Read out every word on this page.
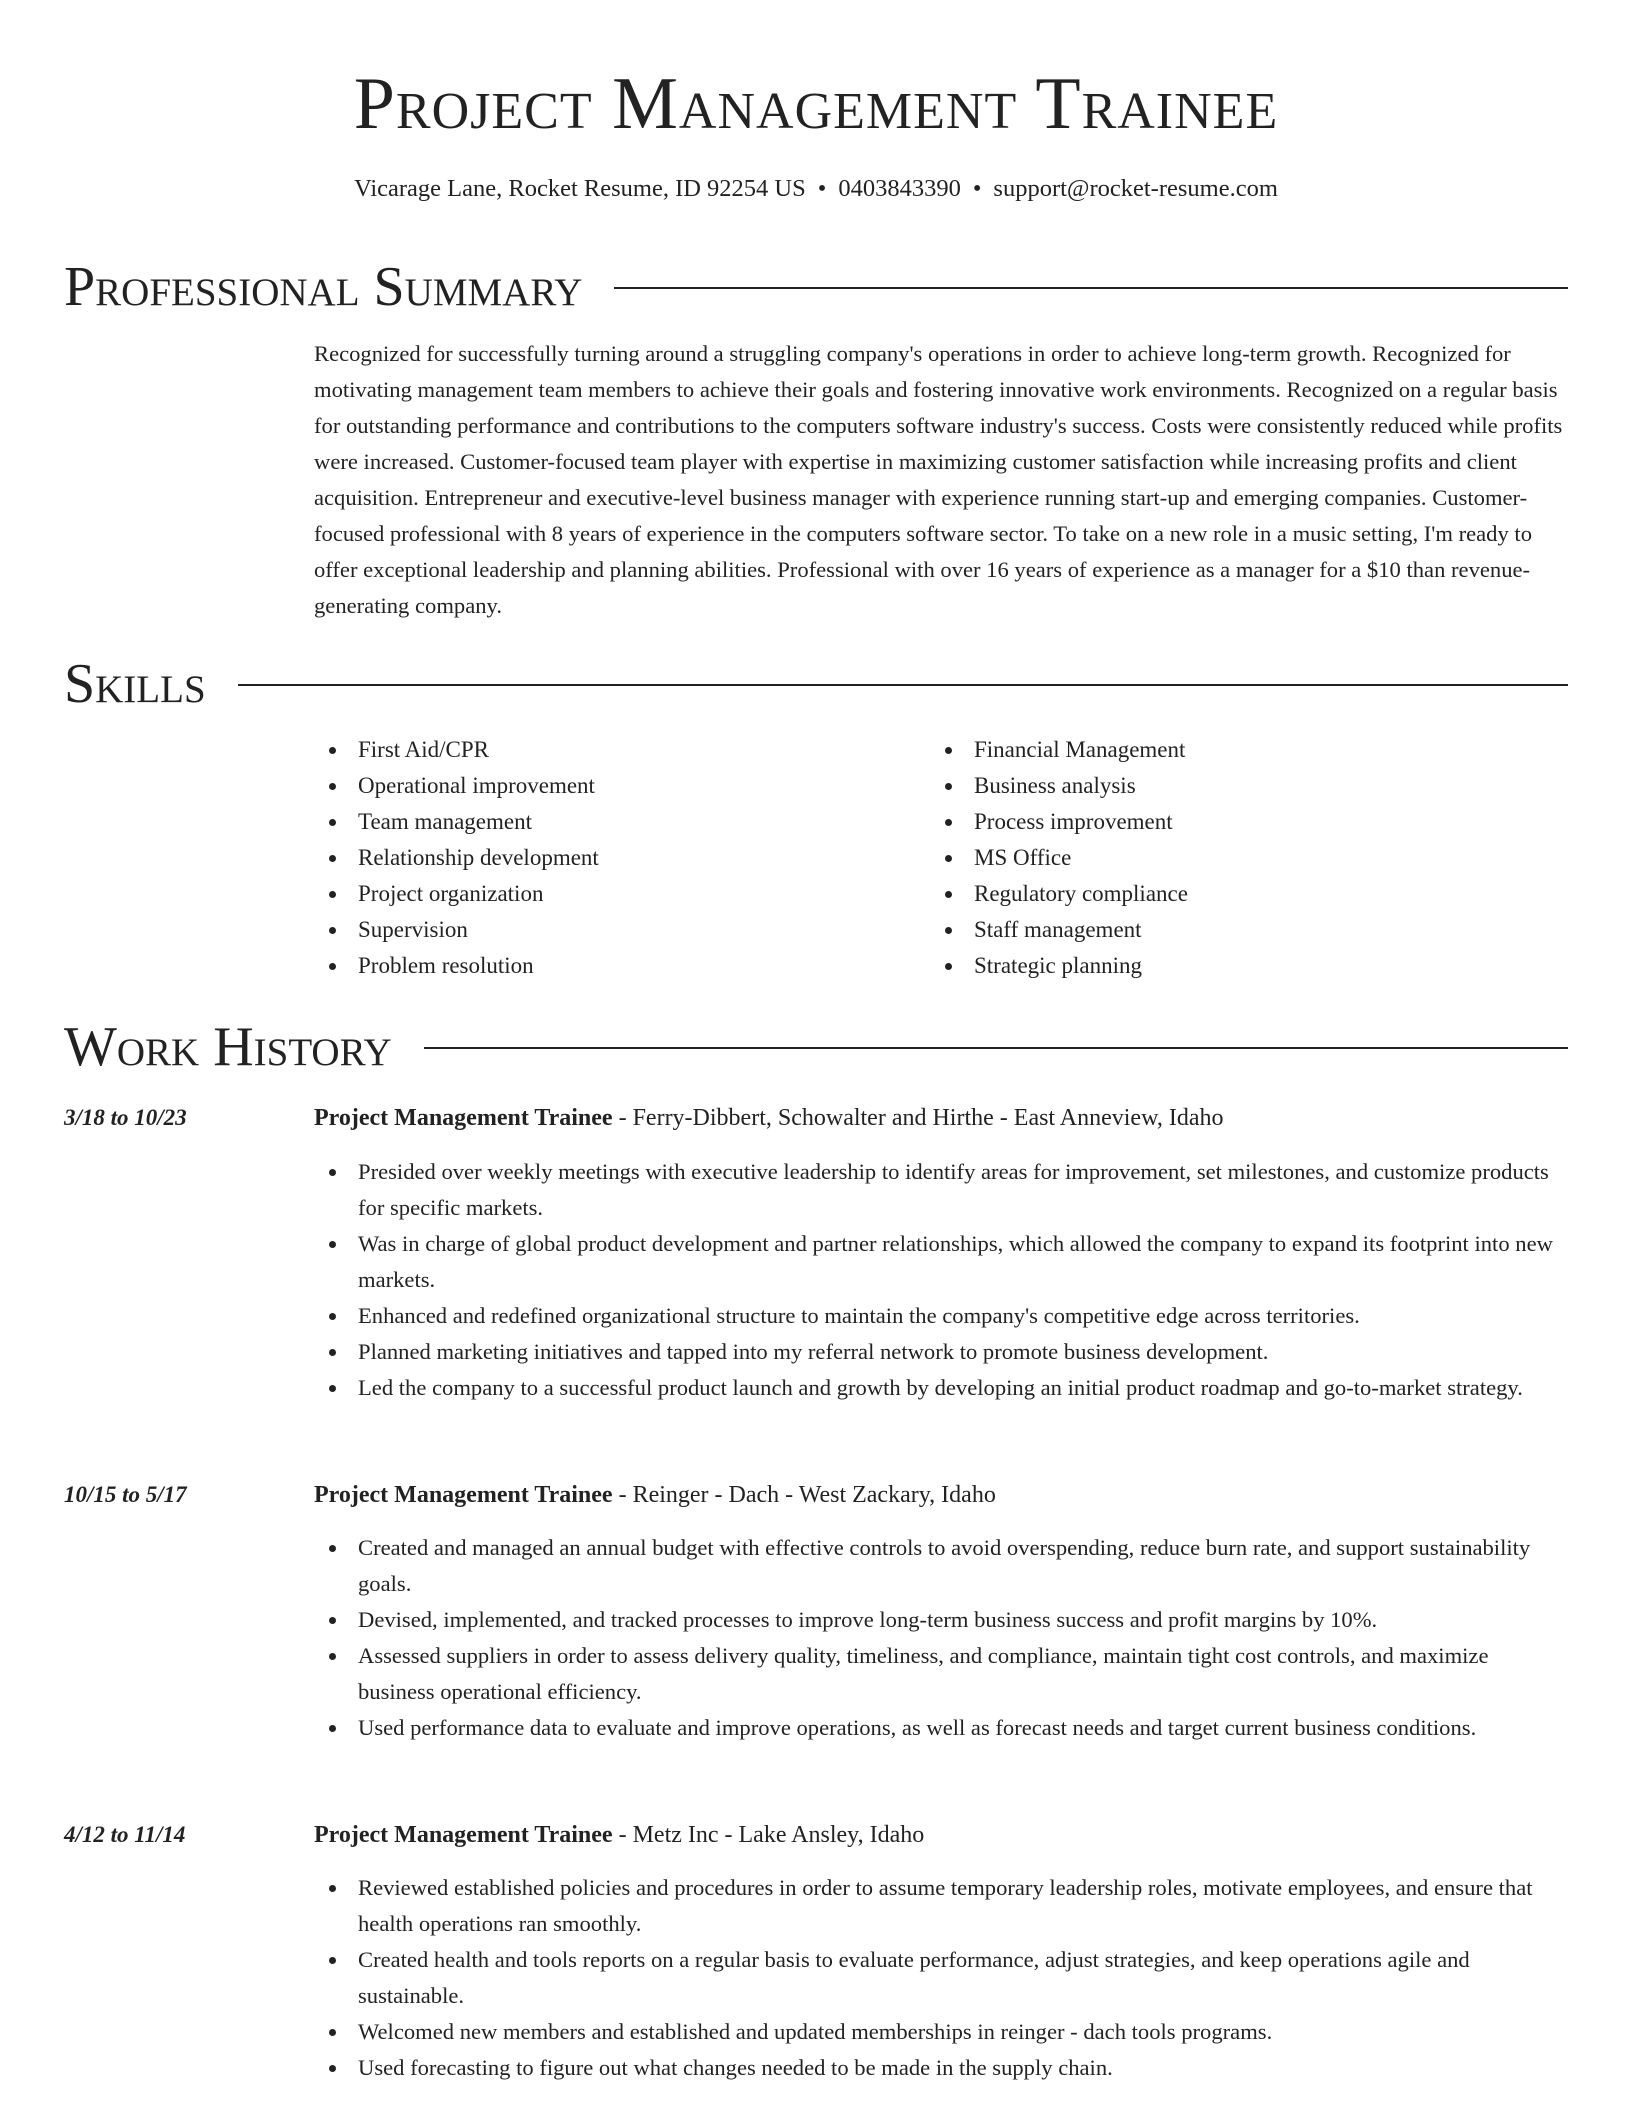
Project Management Trainee
Vicarage Lane, Rocket Resume, ID 92254 US • 0403843390 • support@rocket-resume.com
Professional Summary

Recognized for successfully turning around a struggling company's operations in order to achieve long-term growth. Recognized for motivating management team members to achieve their goals and fostering innovative work environments. Recognized on a regular basis for outstanding performance and contributions to the computers software industry's success. Costs were consistently reduced while profits were increased. Customer-focused team player with expertise in maximizing customer satisfaction while increasing profits and client acquisition. Entrepreneur and executive-level business manager with experience running start-up and emerging companies. Customer-focused professional with 8 years of experience in the computers software sector. To take on a new role in a music setting, I'm ready to offer exceptional leadership and planning abilities. Professional with over 16 years of experience as a manager for a $10 than revenue-generating company.

Skills
First Aid/CPR
Operational improvement
Team management
Relationship development
Project organization
Supervision
Problem resolution
Financial Management
Business analysis
Process improvement
MS Office
Regulatory compliance
Staff management
Strategic planning
Work History
3/18 to 10/23	Project Management Trainee - Ferry-Dibbert, Schowalter and Hirthe - East Anneview, Idaho
Presided over weekly meetings with executive leadership to identify areas for improvement, set milestones, and customize products for specific markets.
Was in charge of global product development and partner relationships, which allowed the company to expand its footprint into new markets.
Enhanced and redefined organizational structure to maintain the company's competitive edge across territories.
Planned marketing initiatives and tapped into my referral network to promote business development.
Led the company to a successful product launch and growth by developing an initial product roadmap and go-to-market strategy.
10/15 to 5/17	Project Management Trainee - Reinger - Dach - West Zackary, Idaho
Created and managed an annual budget with effective controls to avoid overspending, reduce burn rate, and support sustainability goals.
Devised, implemented, and tracked processes to improve long-term business success and profit margins by 10%.
Assessed suppliers in order to assess delivery quality, timeliness, and compliance, maintain tight cost controls, and maximize business operational efficiency.
Used performance data to evaluate and improve operations, as well as forecast needs and target current business conditions.
4/12 to 11/14	Project Management Trainee - Metz Inc - Lake Ansley, Idaho
Reviewed established policies and procedures in order to assume temporary leadership roles, motivate employees, and ensure that health operations ran smoothly.
Created health and tools reports on a regular basis to evaluate performance, adjust strategies, and keep operations agile and sustainable.
Welcomed new members and established and updated memberships in reinger - dach tools programs.
Used forecasting to figure out what changes needed to be made in the supply chain.
